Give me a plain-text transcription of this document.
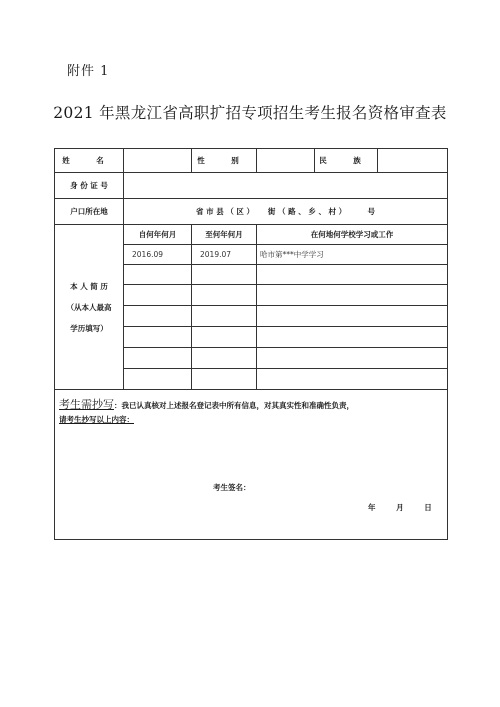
附件 1
2021 年黑龙江省高职扩招专项招生考生报名资格审查表
姓 名		性 别		民 族	
身 份 证 号					
户口所在地	省 市 县 （ 区 ）　　 街 （ 路 、 乡 、 村 ）　　　 号				

本 人 简 历
（从本人最高
学历填写）	自何年何月	至何年何月	在何地何学校学习或工作		
	2016.09	2019.07	哈市第***中学学习		

考生需抄写：我已认真核对上述报名登记表中所有信息，对其真实性和准确性负责，
请考生抄写以上内容：
考生签名：
年 月 日					
